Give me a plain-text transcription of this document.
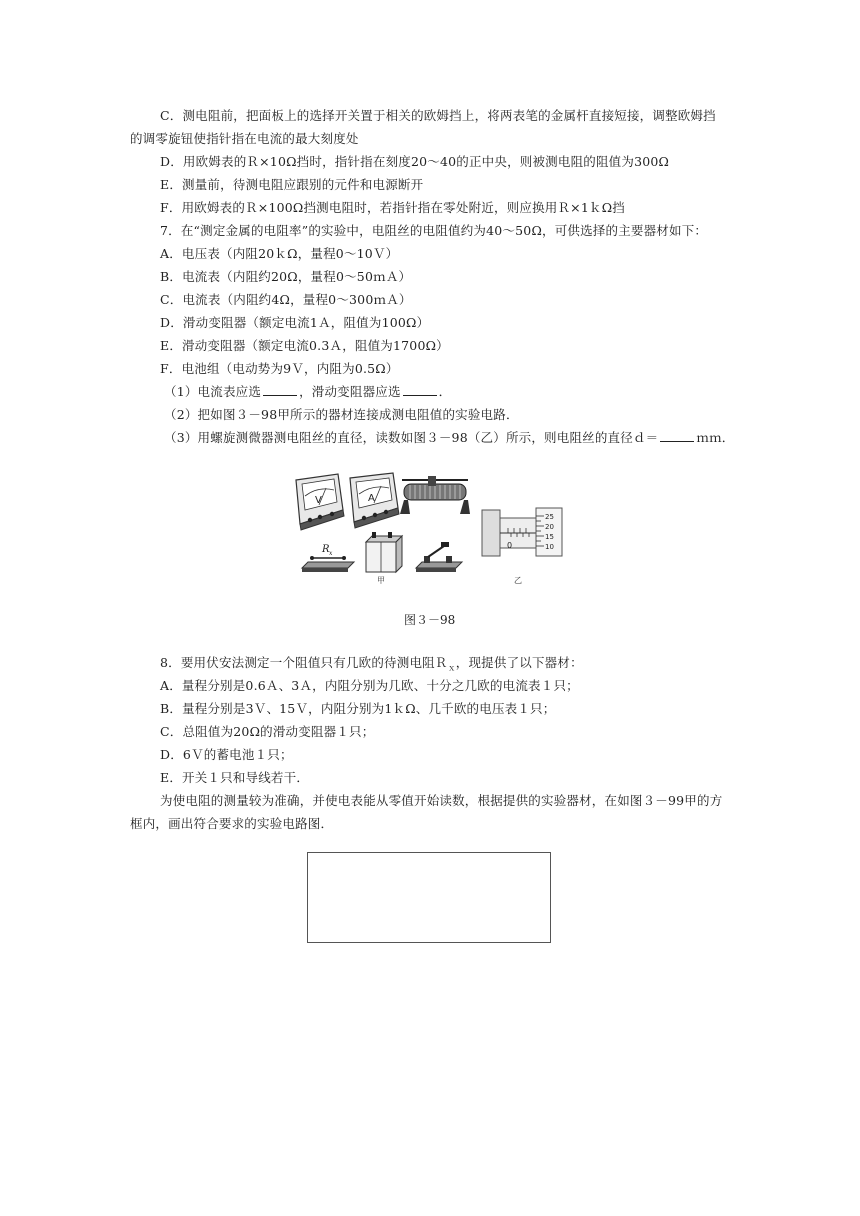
C．测电阻前，把面板上的选择开关置于相关的欧姆挡上，将两表笔的金属杆直接短接，调整欧姆挡
的调零旋钮使指针指在电流的最大刻度处
D．用欧姆表的Ｒ×10Ω挡时，指针指在刻度20～40的正中央，则被测电阻的阻值为300Ω
E．测量前，待测电阻应跟别的元件和电源断开
F．用欧姆表的Ｒ×100Ω挡测电阻时，若指针指在零处附近，则应换用Ｒ×1ｋΩ挡
7．在“测定金属的电阻率”的实验中，电阻丝的电阻值约为40～50Ω，可供选择的主要器材如下：
A．电压表（内阻20ｋΩ，量程0～10Ｖ）
B．电流表（内阻约20Ω，量程0～50ｍＡ）
C．电流表（内阻约4Ω，量程0～300ｍＡ）
D．滑动变阻器（额定电流1Ａ，阻值为100Ω）
E．滑动变阻器（额定电流0.3Ａ，阻值为1700Ω）
F．电池组（电动势为9Ｖ，内阻为0.5Ω）
（1）电流表应选	，滑动变阻器应选	．
（2）把如图３－98甲所示的器材连接成测电阻值的实验电路．
（3）用螺旋测微器测电阻丝的直径，读数如图３－98（乙）所示，则电阻丝的直径ｄ＝	ｍｍ．
V	A
R x
甲
0
25
20
15
10
乙
图３－98
8．要用伏安法测定一个阻值只有几欧的待测电阻Ｒ$_x$，现提供了以下器材：
A．量程分别是0.6Ａ、3Ａ，内阻分别为几欧、十分之几欧的电流表１只；
B．量程分别是3Ｖ、15Ｖ，内阻分别为1ｋΩ、几千欧的电压表１只；
C．总阻值为20Ω的滑动变阻器１只；
D．6Ｖ的蓄电池１只；
E．开关１只和导线若干．
为使电阻的测量较为准确，并使电表能从零值开始读数，根据提供的实验器材，在如图３－99甲的方
框内，画出符合要求的实验电路图．
